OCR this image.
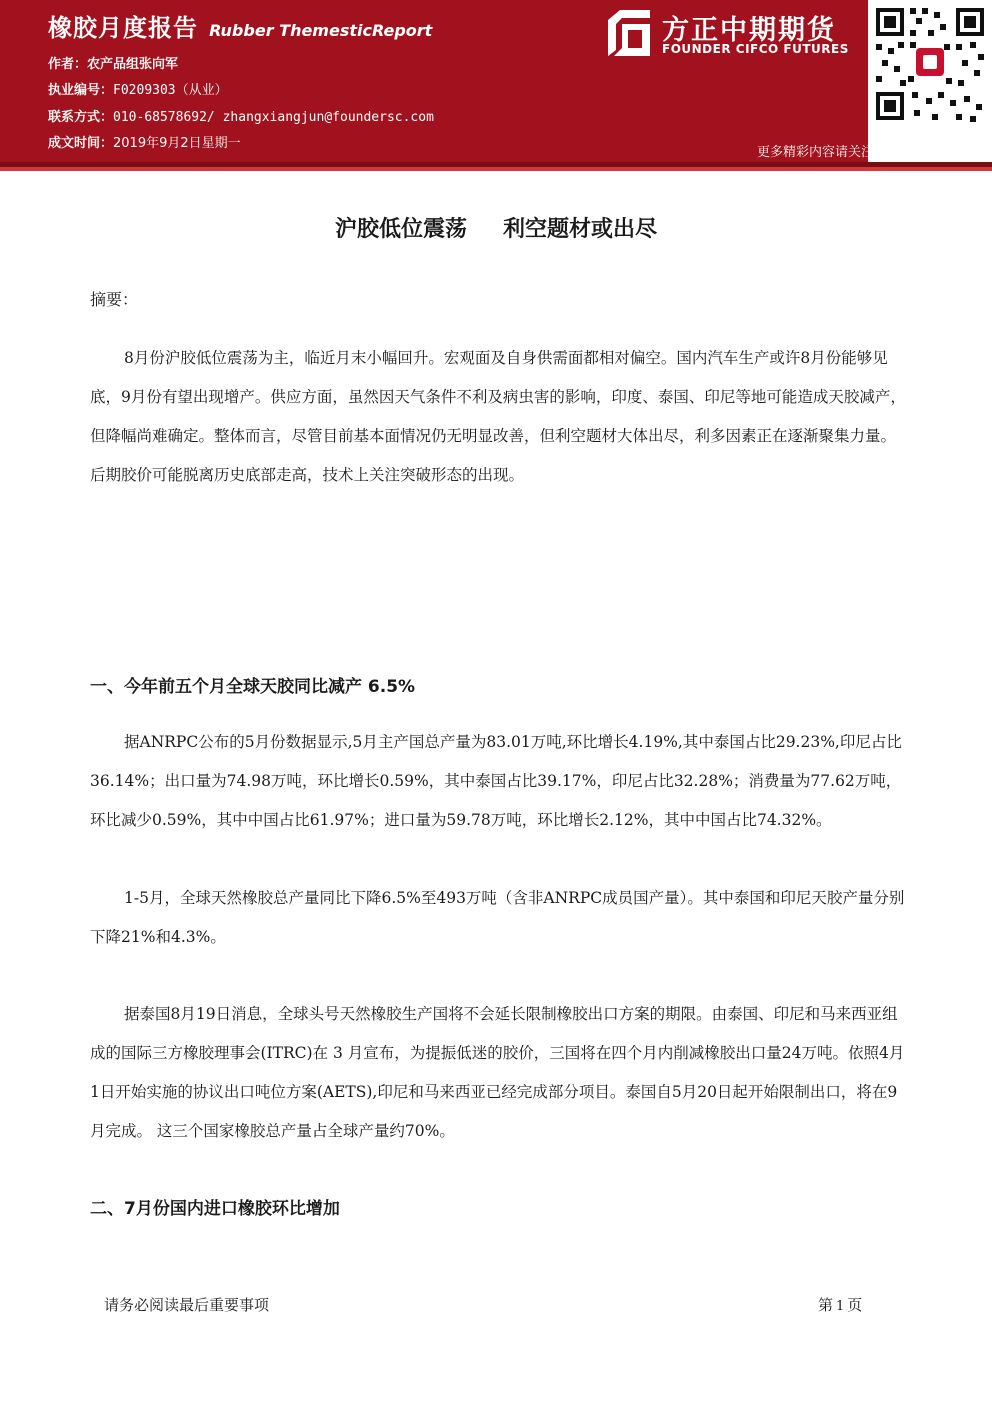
橡胶月度报告 Rubber ThemesticReport
作者：农产品组张向军
执业编号：F0209303（从业）
联系方式：010-68578692/ zhangxiangjun@foundersc.com
成文时间：2019年9月2日星期一
方正中期期货
FOUNDER CIFCO FUTURES
更多精彩内容请关注方正中期官方微信
沪胶低位震荡 利空题材或出尽
摘要：

8月份沪胶低位震荡为主，临近月末小幅回升。宏观面及自身供需面都相对偏空。国内汽车生产或许8月份能够见底，9月份有望出现增产。供应方面，虽然因天气条件不利及病虫害的影响，印度、泰国、印尼等地可能造成天胶减产，但降幅尚难确定。整体而言，尽管目前基本面情况仍无明显改善，但利空题材大体出尽，利多因素正在逐渐聚集力量。后期胶价可能脱离历史底部走高，技术上关注突破形态的出现。

一、今年前五个月全球天胶同比减产 6.5%

据ANRPC公布的5月份数据显示,5月主产国总产量为83.01万吨,环比增长4.19%,其中泰国占比29.23%,印尼占比36.14%；出口量为74.98万吨，环比增长0.59%，其中泰国占比39.17%，印尼占比32.28%；消费量为77.62万吨，环比减少0.59%，其中中国占比61.97%；进口量为59.78万吨，环比增长2.12%，其中中国占比74.32%。

1-5月，全球天然橡胶总产量同比下降6.5%至493万吨（含非ANRPC成员国产量）。其中泰国和印尼天胶产量分别下降21%和4.3%。

据泰国8月19日消息，全球头号天然橡胶生产国将不会延长限制橡胶出口方案的期限。由泰国、印尼和马来西亚组成的国际三方橡胶理事会(ITRC)在 3 月宣布，为提振低迷的胶价，三国将在四个月内削减橡胶出口量24万吨。依照4月1日开始实施的协议出口吨位方案(AETS),印尼和马来西亚已经完成部分项目。泰国自5月20日起开始限制出口，将在9月完成。 这三个国家橡胶总产量占全球产量约70%。

二、7月份国内进口橡胶环比增加
请务必阅读最后重要事项	第 1 页
